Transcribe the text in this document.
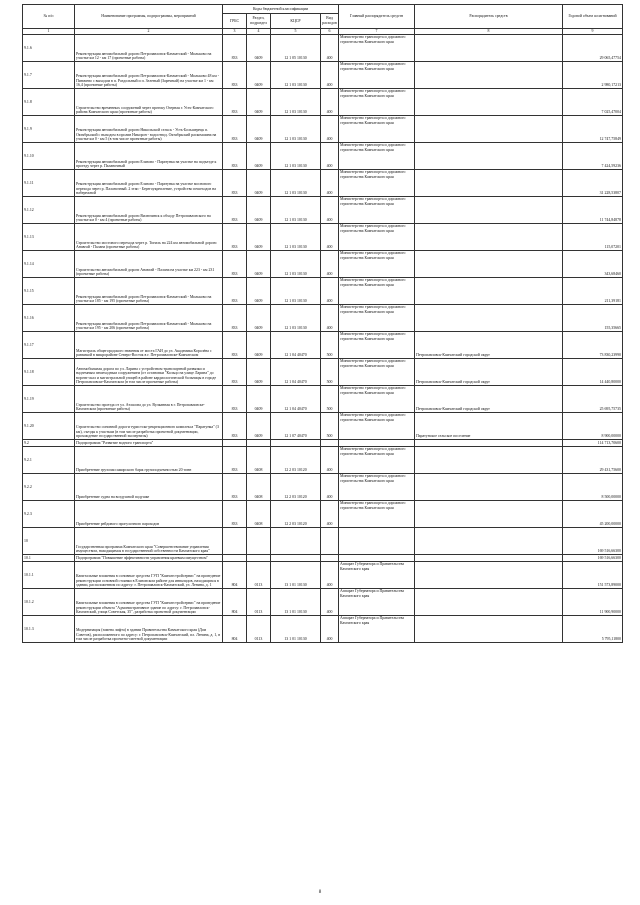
№ п/п	Наименование программы, подпрограммы, мероприятий	Коды бюджетной классификации				Главный распорядитель средств	Распорядитель средств	Годовой объем ассигнований
		ГРБС	Раздел, подраздел	КЦСР	Вид расходов			
1	2	3	4	5	6	7	8	9
9.1.6	Реконструкция автомобильной дороги Петропавловск-Камчатский - Мильково на участке км 12 - км 17 (проектные работы)	833	0409	12 1 05 10130	400	Министерство транспорта и дорожного строительства Камчатского края		29 065,47754
9.1.7	Реконструкция автомобильной дороги Петропавловск-Камчатский - Мильково 48 км - Пиначево с выходом в п. Раздольный и п. Зеленый (Заречный) на участке км 1 - км 16,4 (проектные работы)	833	0409	12 1 03 10130	400	Министерство транспорта и дорожного строительства Камчатского края		2 980,17213
9.1.8	Строительство временных сооружений через протоку Озерная г. Усть-Камчатского района Камчатского края (проектные работы)	833	0409	12 1 03 10130	400	Министерство транспорта и дорожного строительства Камчатского края		7 025,47004
9.1.9	Реконструкция автомобильной дороги Никольской сельск - Усть-Большерецк п. Октябрьский с выходом в пролив Никорон - водоотвод. Октябрьский раскомшина на участке км 0 - км 5 (в том числе проектные работы)	833	0409	12 1 03 10130	400	Министерство транспорта и дорожного строительства Камчатского края		12 747,75849
9.1.10	Реконструкция автомобильной дороги Елизово - Паратунка на участке на подъезде к проезду через р. Паланочный	833	0409	12 1 03 10130	400	Министерство транспорта и дорожного строительства Камчатского края		7 424,59236
9.1.11	Реконструкция автомобильной дороги Елизово - Паратунка на участке моснового перехода через р. Паланочный. 2 этап - Берегоукрепление, устройство пешеходов на набережной	833	0409	12 1 03 10130	400	Министерство транспорта и дорожного строительства Камчатского края		31 228,53807
9.1.12	Реконструкция автомобильной дороги Вилючинск к обходу Петропавловского на участке км 0 - км 4 (проектные работы)	833	0409	12 1 03 10130	400	Министерство транспорта и дорожного строительства Камчатского края		11 744,84878
9.1.13	Строительство мостового перехода через р. Тигиль на 224 км автомобильной дороги Анавгай - Палана (проектные работы)	833	0409	12 1 03 10130	400	Министерство транспорта и дорожного строительства Камчатского края		115,07201
9.1.14	Строительство автомобильной дороги Анавгай - Палана на участке км 223 - км 231 (проектные работы)	833	0409	12 1 03 10130	400	Министерство транспорта и дорожного строительства Камчатского края		343,68460
9.1.15	Реконструкция автомобильной дороги Петропавловск-Камчатский - Мильково на участке км 185 - км 195 (проектные работы)	833	0409	12 1 03 10130	400	Министерство транспорта и дорожного строительства Камчатского края		211,39181
9.1.16	Реконструкция автомобильной дороги Петропавловск-Камчатский - Мильково на участке км 195 - км 206 (проектные работы)	833	0409	12 1 03 10130	400	Министерство транспорта и дорожного строительства Камчатского края		155,35665
9.1.17	Магистраль общегородского значения от моста ГАИ до ул. Академика Королёва с развязкой в микрорайоне Северо-Восток в г. Петропавловске-Камчатском	833	0409	12 1 04 40470	500	Министерство транспорта и дорожного строительства Камчатского края	Петропавловск-Камчатский городской округ	73 830,23990
9.1.18	Автомобильная дорога по ул. Ларина с устройством транспортной развязки и надземным пешеходным сооружением (от остановки "Кольцо на улице Ларина" до вороти-скал и магистральной улицей в районе кардиологической больницы в городе Петропавловске-Камчатском (в том числе проектные работы)	833	0409	12 1 04 40470	500	Министерство транспорта и дорожного строительства Камчатского края	Петропавловск-Камчатский городской округ	14 440,80000
9.1.19	Строительство проезда от ул. Атласова до ул. Вулканная в г. Петропавловске-Камчатском (проектные работы)	833	0409	12 1 04 40470	500	Министерство транспорта и дорожного строительства Камчатского края	Петропавловск-Камчатский городской округ	25 695,75735
9.1.20	Строительство основной дороги туристско-рекреационного комплекса "Паратунка" (3 км), съезды к участкам (в том числе разработка проектной документации, прохождение государственной экспертизы)	833	0409	12 1 07 40470	500	Министерство транспорта и дорожного строительства Камчатского края	Паратунское сельское поселение	8 900,00000
9.2	Подпрограмма "Развитие водного транспорта"							114 713,70600
9.2.1	Приобретение грузопассажирского барж грузоподъемностью 20 тонн	833	0408	12 2 03 10120	400	Министерство транспорта и дорожного строительства Камчатского края		29 431,75600
9.2.2	Приобретение судна на воздушной подушке	833	0408	12 2 03 10120	400	Министерство транспорта и дорожного строительства Камчатского края		8 500,00000
9.2.3	Приобретение рейдового прогулочного пароходов	833	0408	12 2 03 10120	400	Министерство транспорта и дорожного строительства Камчатского края		45 200,00000
10	Государственная программа Камчатского края "Совершенствование управления имуществом, находящимся в государственной собственности Камчатского края"							169 516,66300
10.1	Подпрограмма "Повышение эффективности управления краевым имуществом"							169 516,66300
10.1.1	Капитальные вложения в основные средства ГУП "Камчатстройсервис" на проведение реконструкции основной стоянки в Елизовском районе для инвалидов, находящихся в здании, расположенном по адресу: г. Петропавловск-Камчатский, ул. Ленина, д. 1	804	0113	13 1 01 10130	400	Аппарат Губернатора и Правительства Камчатского края		151 573,89000
10.1.2	Капитальные вложения в основные средства ГУП "Камчатстройсервис" на проведение реконструкции объекта "Административное здание по адресу: г. Петропавловск-Камчатский, улица Советская, 35", разработка проектной документации	804	0113	13 1 01 10130	400	Аппарат Губернатора и Правительства Камчатского края		11 900,90000
10.1.3	Модернизация (замена лифта) в здании Правительства Камчатского края (Дом Советов), расположенного по адресу: г. Петропавловск-Камчатский, пл. Ленина, д. 1, в том числе разработка проектно-сметной документации	804	0113	13 1 01 10130	400	Аппарат Губернатора и Правительства Камчатского края		5 795,11800
8
